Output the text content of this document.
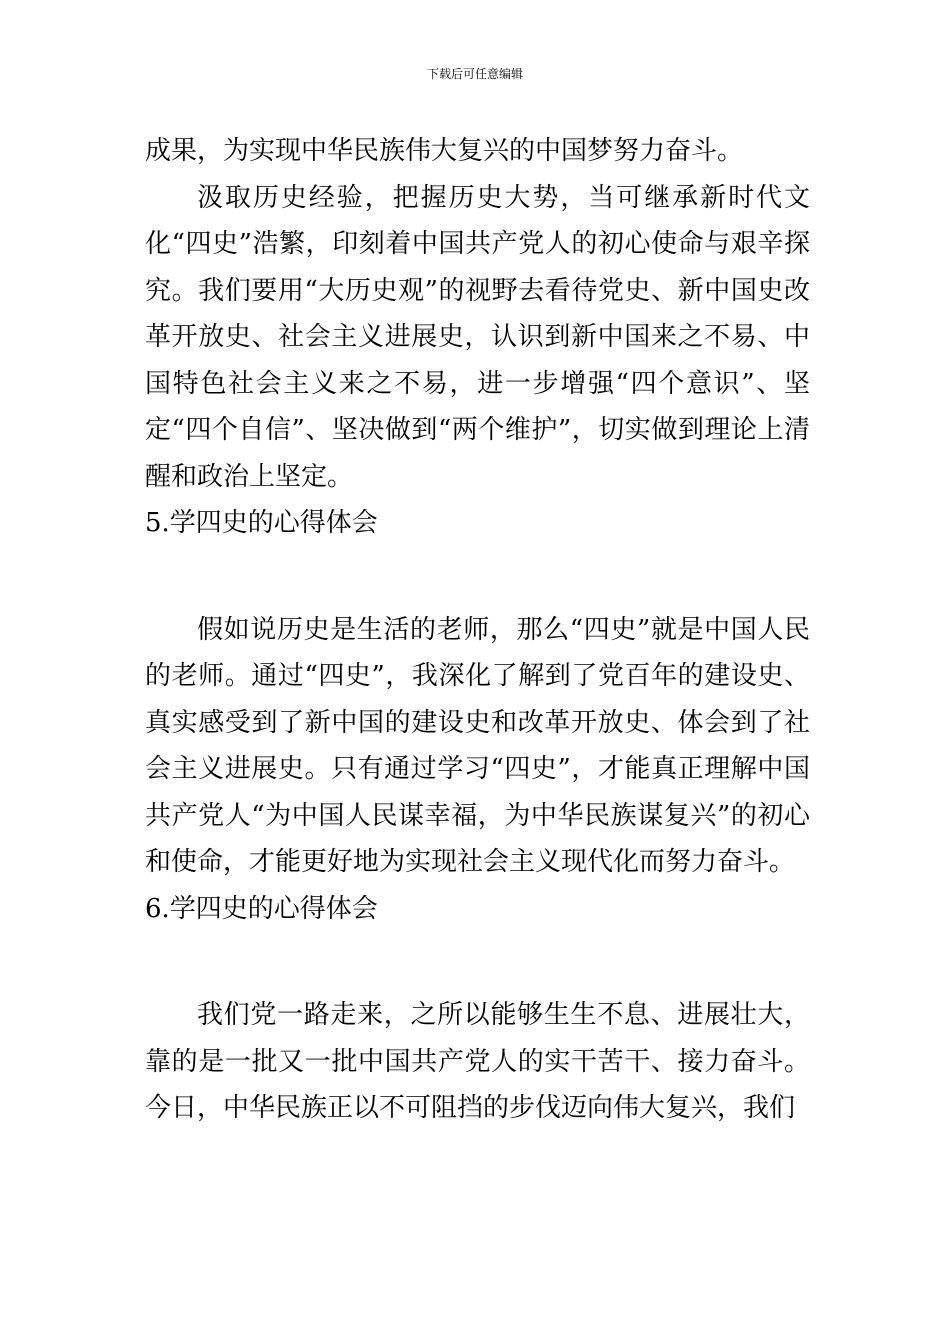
下载后可任意编辑

成果，为实现中华民族伟大复兴的中国梦努力奋斗。

汲取历史经验，把握历史大势，当可继承新时代文化“四史”浩繁，印刻着中国共产党人的初心使命与艰辛探究。我们要用“大历史观”的视野去看待党史、新中国史改革开放史、社会主义进展史，认识到新中国来之不易、中国特色社会主义来之不易，进一步增强“四个意识”、坚定“四个自信”、坚决做到“两个维护”，切实做到理论上清醒和政治上坚定。

5.学四史的心得体会

假如说历史是生活的老师，那么“四史”就是中国人民的老师。通过“四史”，我深化了解到了党百年的建设史、真实感受到了新中国的建设史和改革开放史、体会到了社会主义进展史。只有通过学习“四史”，才能真正理解中国共产党人“为中国人民谋幸福，为中华民族谋复兴”的初心和使命，才能更好地为实现社会主义现代化而努力奋斗。

6.学四史的心得体会

我们党一路走来，之所以能够生生不息、进展壮大，靠的是一批又一批中国共产党人的实干苦干、接力奋斗。今日，中华民族正以不可阻挡的步伐迈向伟大复兴，我们
